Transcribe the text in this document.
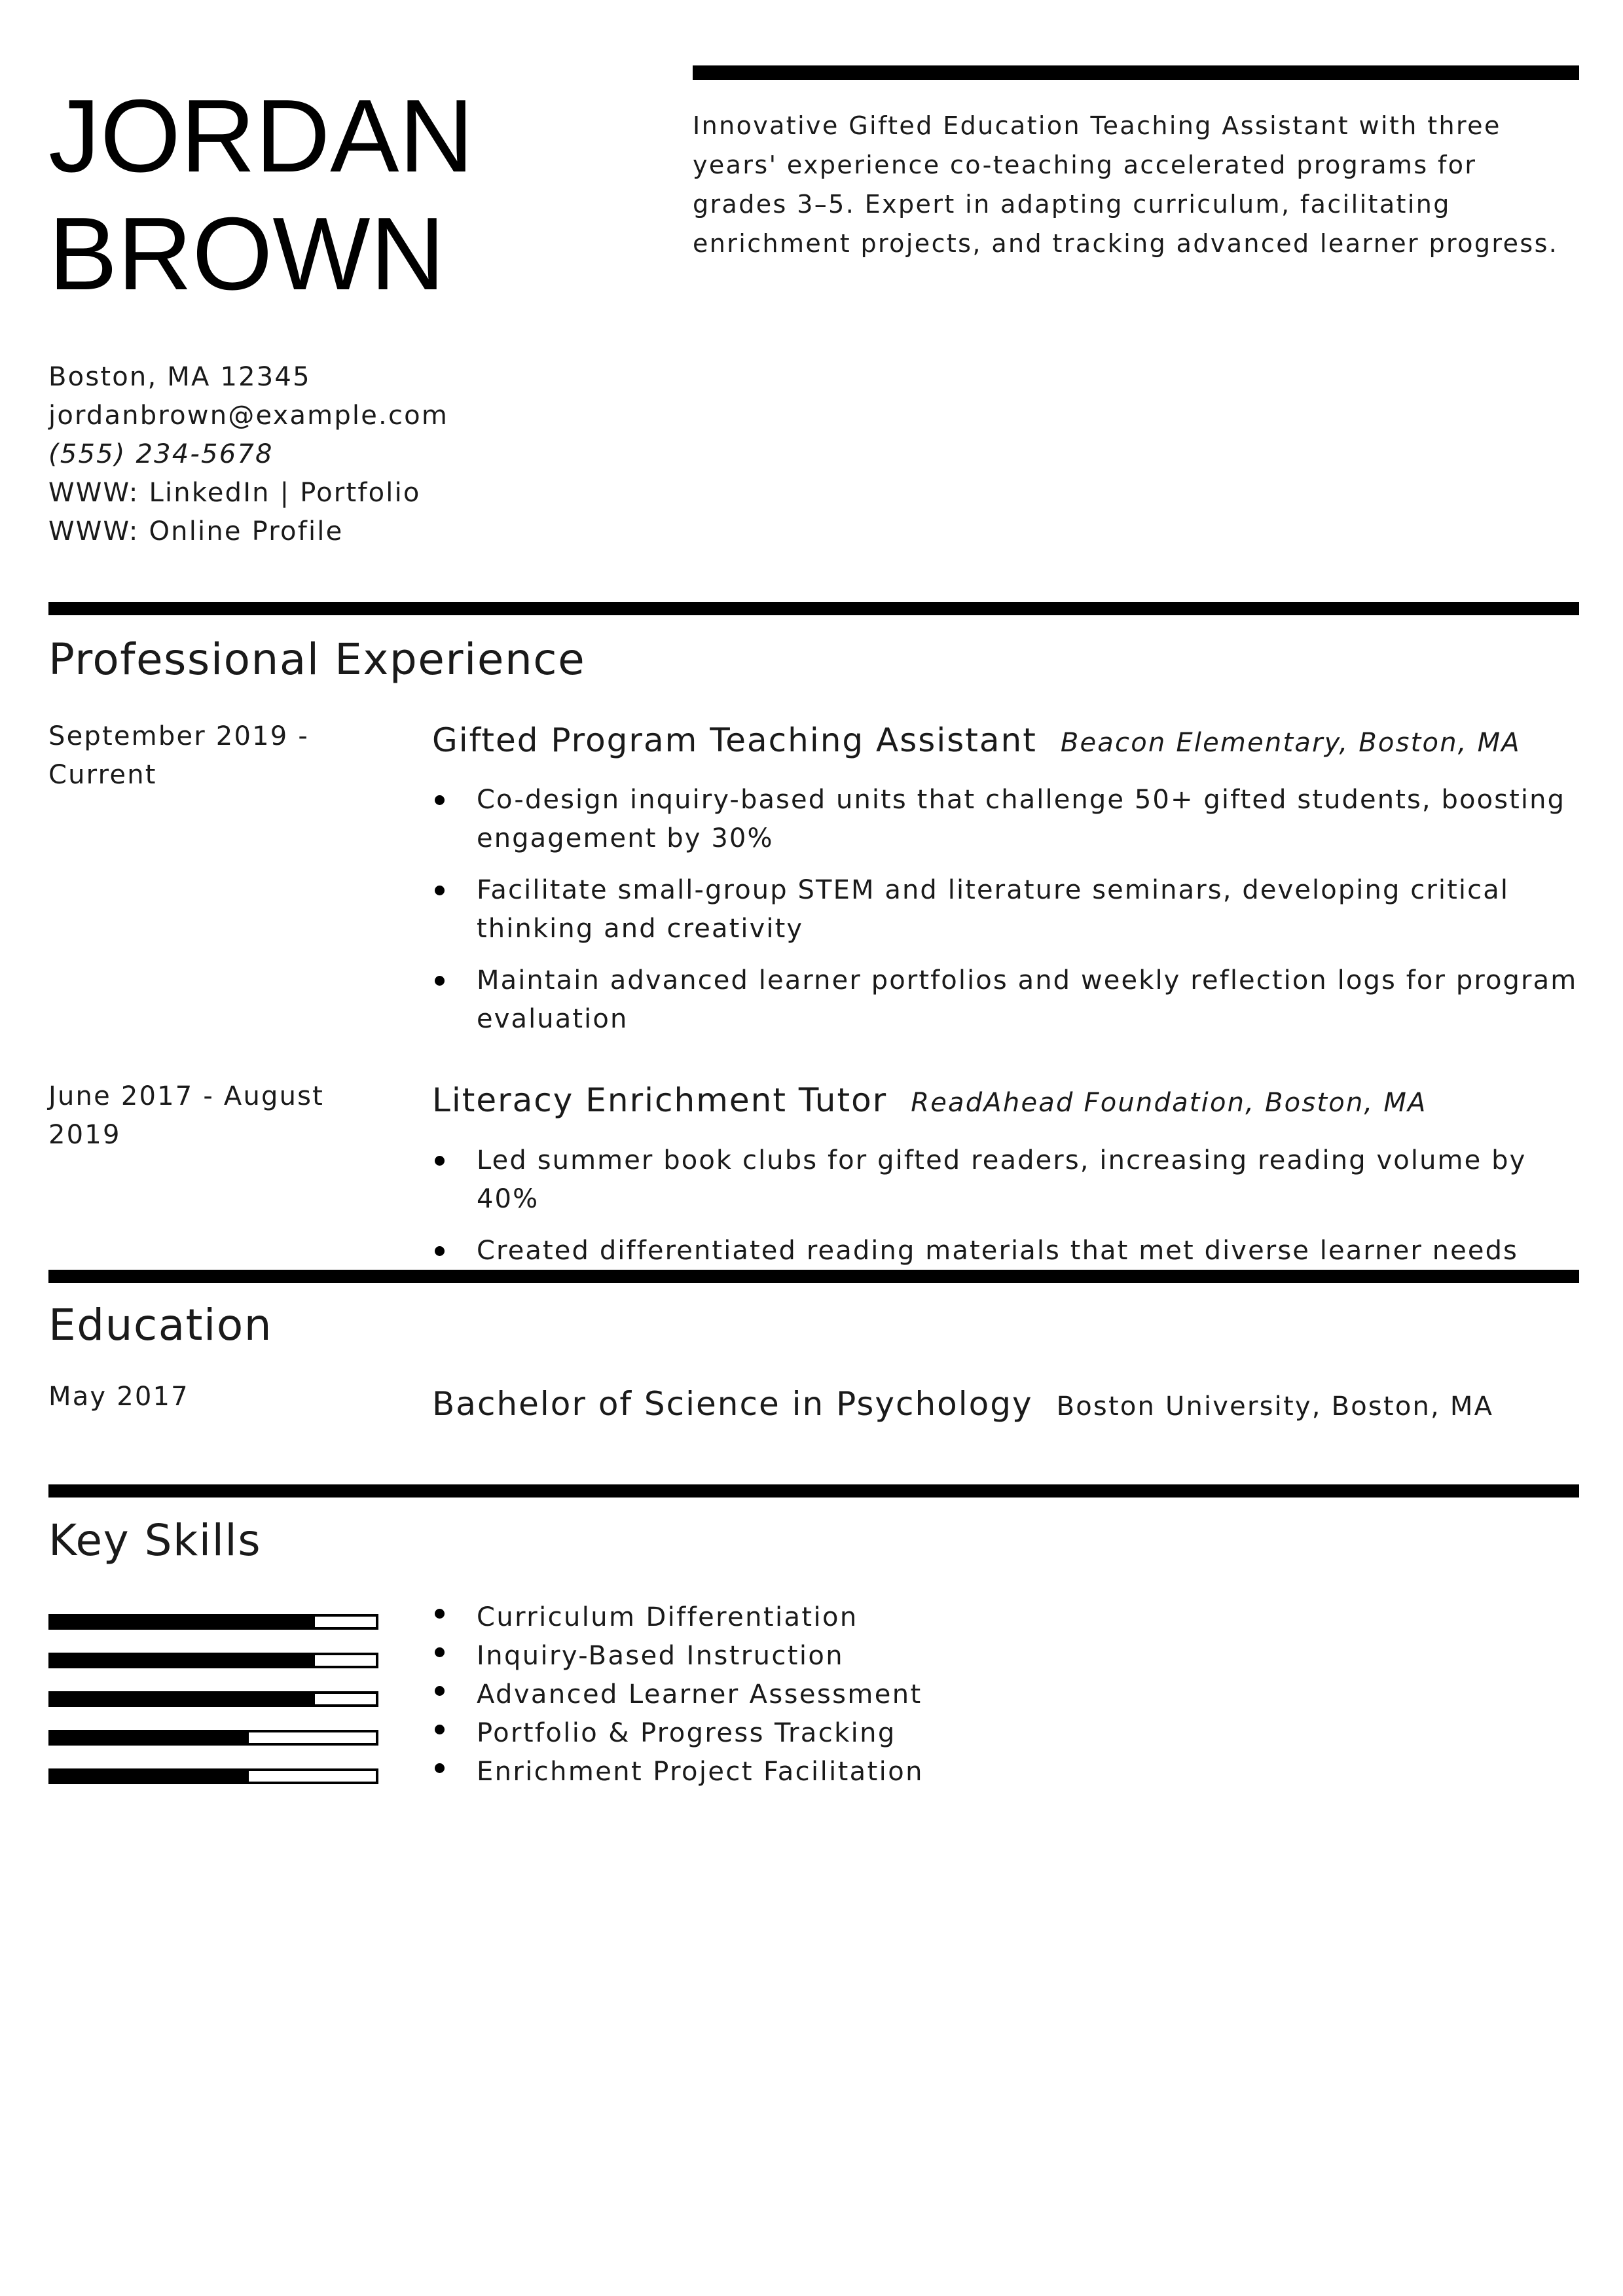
JORDAN
BROWN
Innovative Gifted Education Teaching Assistant with three years' experience co-teaching accelerated programs for grades 3–5. Expert in adapting curriculum, facilitating enrichment projects, and tracking advanced learner progress.
Boston, MA 12345
jordanbrown@example.com
(555) 234-5678
WWW: LinkedIn | Portfolio
WWW: Online Profile
Professional Experience
September 2019 - Current
Gifted Program Teaching Assistant Beacon Elementary, Boston, MA
Co-design inquiry-based units that challenge 50+ gifted students, boosting engagement by 30%
Facilitate small-group STEM and literature seminars, developing critical thinking and creativity
Maintain advanced learner portfolios and weekly reflection logs for program evaluation
June 2017 - August 2019
Literacy Enrichment Tutor ReadAhead Foundation, Boston, MA
Led summer book clubs for gifted readers, increasing reading volume by 40%
Created differentiated reading materials that met diverse learner needs
Education
May 2017	Bachelor of Science in Psychology Boston University, Boston, MA
Key Skills
Curriculum Differentiation
Inquiry-Based Instruction
Advanced Learner Assessment
Portfolio & Progress Tracking
Enrichment Project Facilitation
